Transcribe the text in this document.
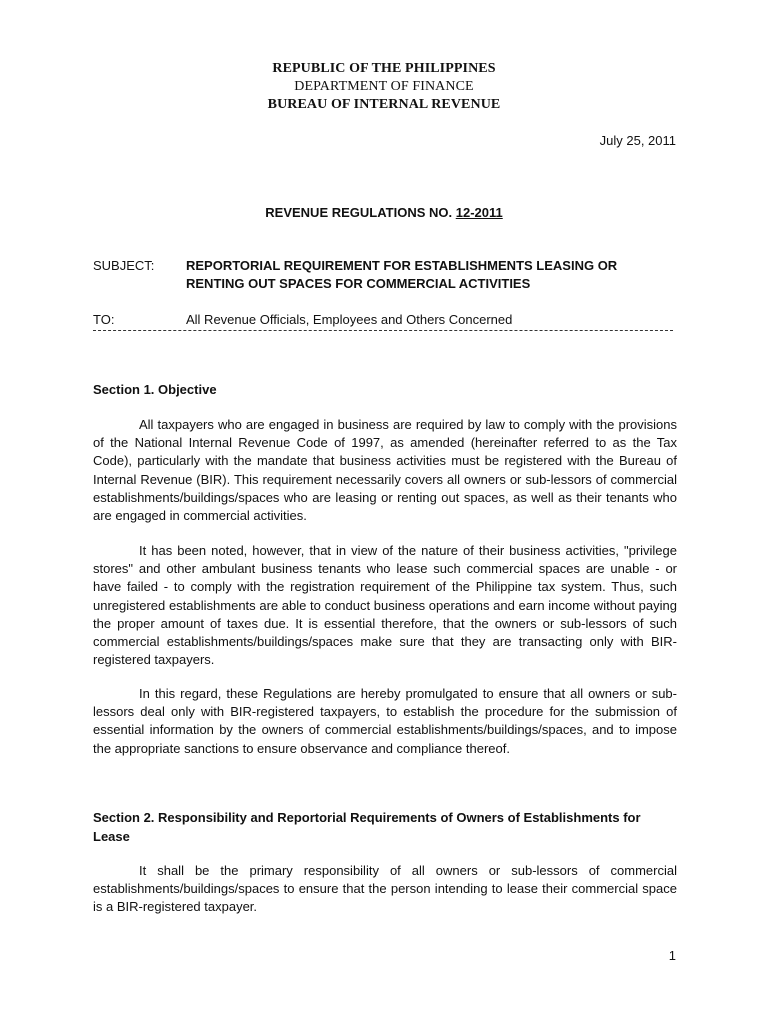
REPUBLIC OF THE PHILIPPINES
DEPARTMENT OF FINANCE
BUREAU OF INTERNAL REVENUE
July 25, 2011
REVENUE REGULATIONS NO. 12-2011
SUBJECT:	REPORTORIAL REQUIREMENT FOR ESTABLISHMENTS LEASING OR RENTING OUT SPACES FOR COMMERCIAL ACTIVITIES
TO:	All Revenue Officials, Employees and Others Concerned
Section 1. Objective
All taxpayers who are engaged in business are required by law to comply with the provisions of the National Internal Revenue Code of 1997, as amended (hereinafter referred to as the Tax Code), particularly with the mandate that business activities must be registered with the Bureau of Internal Revenue (BIR). This requirement necessarily covers all owners or sub-lessors of commercial establishments/buildings/spaces who are leasing or renting out spaces, as well as their tenants who are engaged in commercial activities.
It has been noted, however, that in view of the nature of their business activities, "privilege stores" and other ambulant business tenants who lease such commercial spaces are unable - or have failed - to comply with the registration requirement of the Philippine tax system. Thus, such unregistered establishments are able to conduct business operations and earn income without paying the proper amount of taxes due. It is essential therefore, that the owners or sub-lessors of such commercial establishments/buildings/spaces make sure that they are transacting only with BIR-registered taxpayers.
In this regard, these Regulations are hereby promulgated to ensure that all owners or sub-lessors deal only with BIR-registered taxpayers, to establish the procedure for the submission of essential information by the owners of commercial establishments/buildings/spaces, and to impose the appropriate sanctions to ensure observance and compliance thereof.
Section 2. Responsibility and Reportorial Requirements of Owners of Establishments for Lease
It shall be the primary responsibility of all owners or sub-lessors of commercial establishments/buildings/spaces to ensure that the person intending to lease their commercial space is a BIR-registered taxpayer.
1
